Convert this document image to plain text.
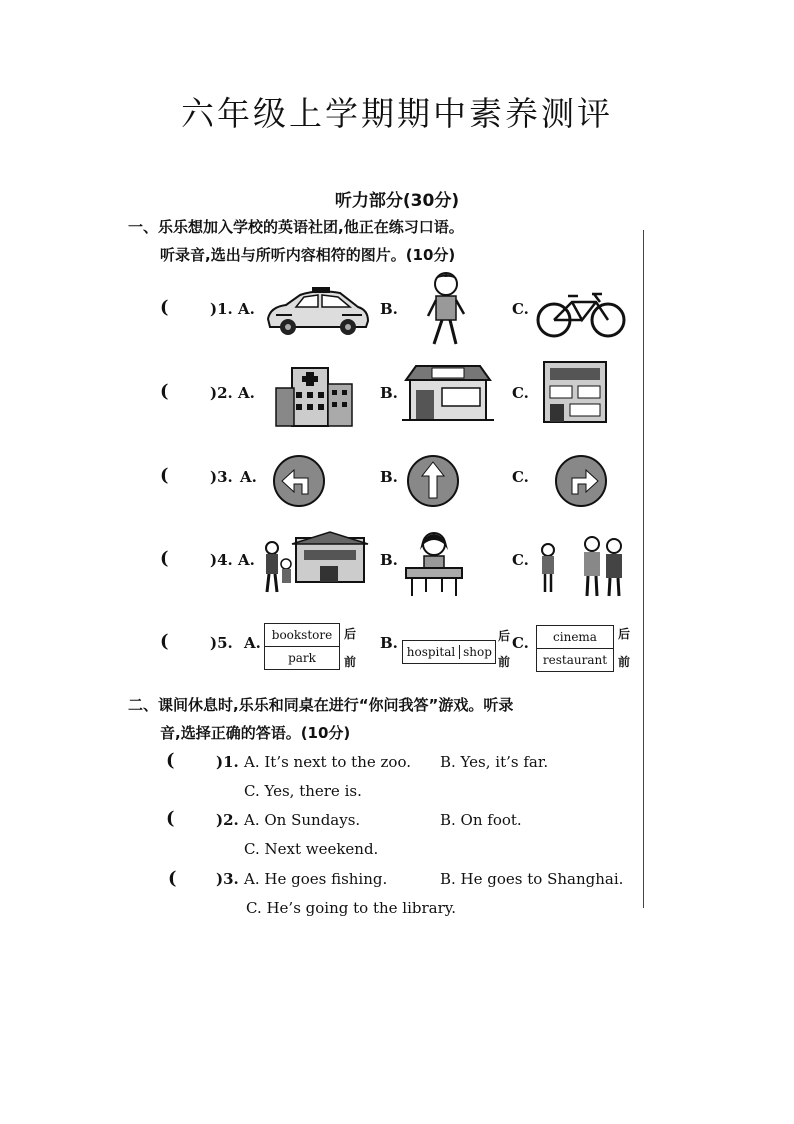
六年级上学期期中素养测评
听力部分(30分)
一、乐乐想加入学校的英语社团,他正在练习口语。
听录音,选出与所听内容相符的图片。(10分)
(	)1. A.	B.	C.
(	)2. A.	B.	C.
(	)3. A.	B.	C.
(	)4. A.	B.	C.
(	)5. A. bookstore
park
后
前
B. hospital shop
后
前
C.	cinema
restaurant
后
前
二、课间休息时,乐乐和同桌在进行“你问我答”游戏。听录
音,选择正确的答语。(10分)
(	)1. A. It’s next to the zoo. B. Yes, it’s far.
C. Yes, there is.
(	)2. A. On Sundays.	B. On foot.
C. Next weekend.
(	)3. A. He goes fishing.	B. He goes to Shanghai.
C. He’s going to the library.
